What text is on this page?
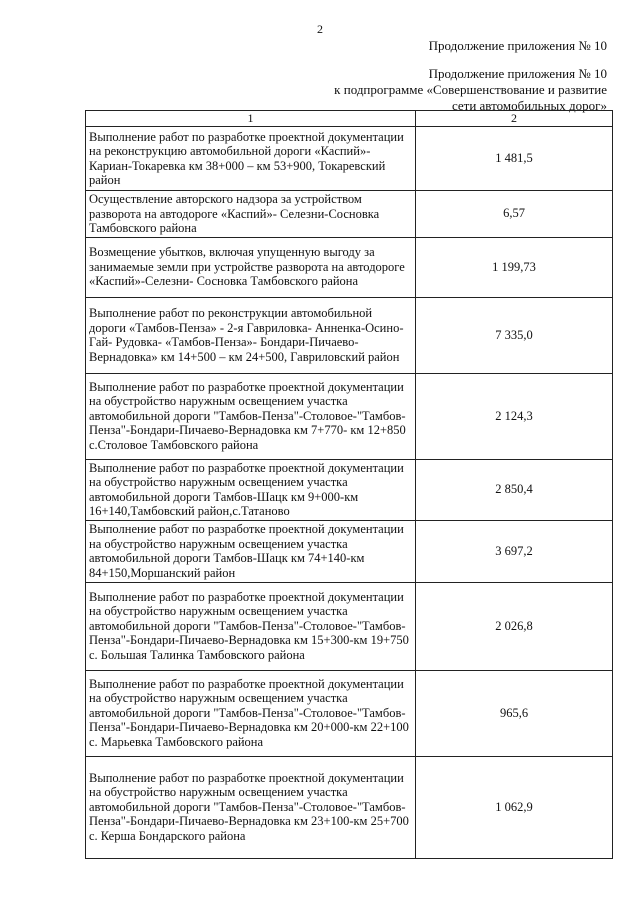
2
Продолжение приложения № 10
Продолжение приложения № 10
к подпрограмме «Совершенствование и развитие
сети автомобильных дорог»
1	2
Выполнение работ по разработке проектной документации на реконструкцию автомобильной дороги «Каспий»-Кариан-Токаревка км 38+000 – км 53+900, Токаревский район	1 481,5
Осуществление авторского надзора за устройством разворота на автодороге «Каспий»- Селезни-Сосновка Тамбовского района	6,57
Возмещение убытков, включая упущенную выгоду за занимаемые земли при устройстве разворота на автодороге «Каспий»-Селезни- Сосновка Тамбовского района	1 199,73
Выполнение работ по реконструкции автомобильной дороги «Тамбов-Пенза» - 2-я Гавриловка- Анненка-Осино-Гай- Рудовка- «Тамбов-Пенза»- Бондари-Пичаево-Вернадовка» км 14+500 – км 24+500, Гавриловский район	7 335,0
Выполнение работ по разработке проектной документации на обустройство наружным освещением участка автомобильной дороги "Тамбов-Пенза"-Столовое-"Тамбов-Пенза"-Бондари-Пичаево-Вернадовка км 7+770- км 12+850 с.Столовое Тамбовского района	2 124,3
Выполнение работ по разработке проектной документации на обустройство наружным освещением участка автомобильной дороги Тамбов-Шацк км 9+000-км 16+140,Тамбовский район,с.Татаново	2 850,4
Выполнение работ по разработке проектной документации на обустройство наружным освещением участка автомобильной дороги Тамбов-Шацк км 74+140-км 84+150,Моршанский район	3 697,2
Выполнение работ по разработке проектной документации на обустройство наружным освещением участка автомобильной дороги "Тамбов-Пенза"-Столовое-"Тамбов-Пенза"-Бондари-Пичаево-Вернадовка км 15+300-км 19+750 с. Большая Талинка Тамбовского района	2 026,8
Выполнение работ по разработке проектной документации на обустройство наружным освещением участка автомобильной дороги "Тамбов-Пенза"-Столовое-"Тамбов-Пенза"-Бондари-Пичаево-Вернадовка км 20+000-км 22+100 с. Марьевка Тамбовского района	965,6
Выполнение работ по разработке проектной документации на обустройство наружным освещением участка автомобильной дороги "Тамбов-Пенза"-Столовое-"Тамбов-Пенза"-Бондари-Пичаево-Вернадовка км 23+100-км 25+700 с. Керша Бондарского района	1 062,9
